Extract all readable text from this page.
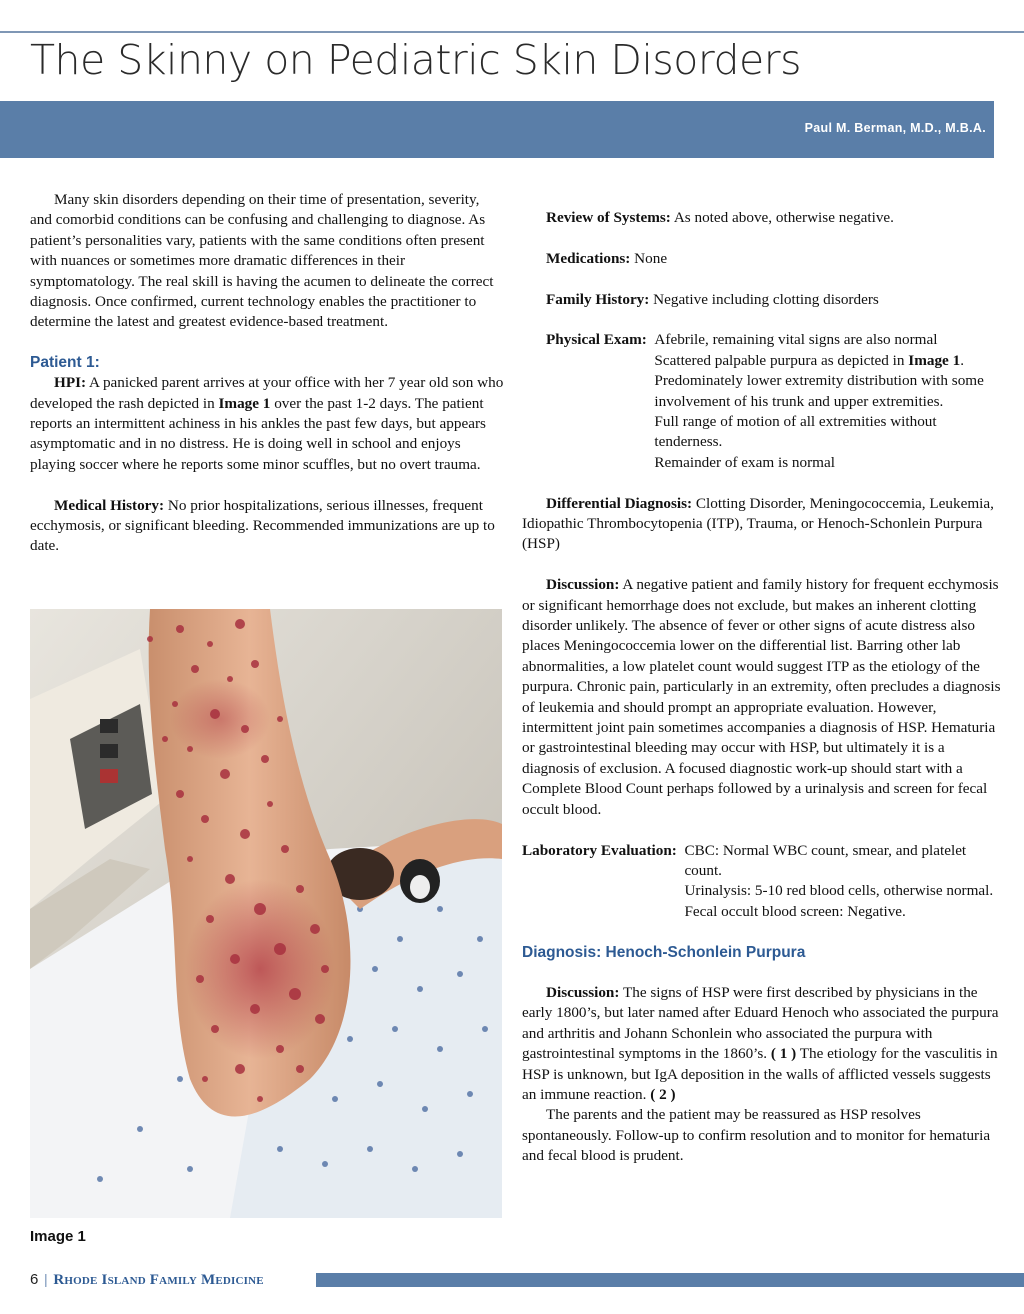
The Skinny on Pediatric Skin Disorders
Paul M. Berman, M.D., M.B.A.

Many skin disorders depending on their time of presentation, severity, and comorbid conditions can be confusing and challenging to diagnose. As patient’s personalities vary, patients with the same conditions often present with nuances or sometimes more dramatic differences in their symptomatology. The real skill is having the acumen to delineate the correct diagnosis. Once confirmed, current technology enables the practitioner to determine the latest and greatest evidence-based treatment.

Patient 1:

HPI: A panicked parent arrives at your office with her 7 year old son who developed the rash depicted in Image 1 over the past 1-2 days. The patient reports an intermittent achiness in his ankles the past few days, but appears asymptomatic and in no distress. He is doing well in school and enjoys playing soccer where he reports some minor scuffles, but no overt trauma.

Medical History: No prior hospitalizations, serious illnesses, frequent ecchymosis, or significant bleeding. Recommended immunizations are up to date.

Image 1

Review of Systems: As noted above, otherwise negative.

Medications: None

Family History: Negative including clotting disorders

Physical Exam: Afebrile, remaining vital signs are also normal

Scattered palpable purpura as depicted in Image 1. Predominately lower extremity distribution with some involvement of his trunk and upper extremities.

Full range of motion of all extremities without tenderness.

Remainder of exam is normal

Differential Diagnosis: Clotting Disorder, Meningococcemia, Leukemia, Idiopathic Thrombocytopenia (ITP), Trauma, or Henoch-Schonlein Purpura (HSP)

Discussion: A negative patient and family history for frequent ecchymosis or significant hemorrhage does not exclude, but makes an inherent clotting disorder unlikely. The absence of fever or other signs of acute distress also places Meningococcemia lower on the differential list. Barring other lab abnormalities, a low platelet count would suggest ITP as the etiology of the purpura. Chronic pain, particularly in an extremity, often precludes a diagnosis of leukemia and should prompt an appropriate evaluation. However, intermittent joint pain sometimes accompanies a diagnosis of HSP. Hematuria or gastrointestinal bleeding may occur with HSP, but ultimately it is a diagnosis of exclusion. A focused diagnostic work-up should start with a Complete Blood Count perhaps followed by a urinalysis and screen for fecal occult blood.

Laboratory Evaluation: CBC: Normal WBC count, smear, and platelet count.

Urinalysis: 5-10 red blood cells, otherwise normal.

Fecal occult blood screen: Negative.

Diagnosis: Henoch-Schonlein Purpura

Discussion: The signs of HSP were first described by physicians in the early 1800’s, but later named after Eduard Henoch who associated the purpura and arthritis and Johann Schonlein who associated the purpura with gastrointestinal symptoms in the 1860’s. ( 1 ) The etiology for the vasculitis in HSP is unknown, but IgA deposition in the walls of afflicted vessels suggests an immune reaction. ( 2 )

The parents and the patient may be reassured as HSP resolves spontaneously. Follow-up to confirm resolution and to monitor for hematuria and fecal blood is prudent.

6 | Rhode Island Family Medicine
